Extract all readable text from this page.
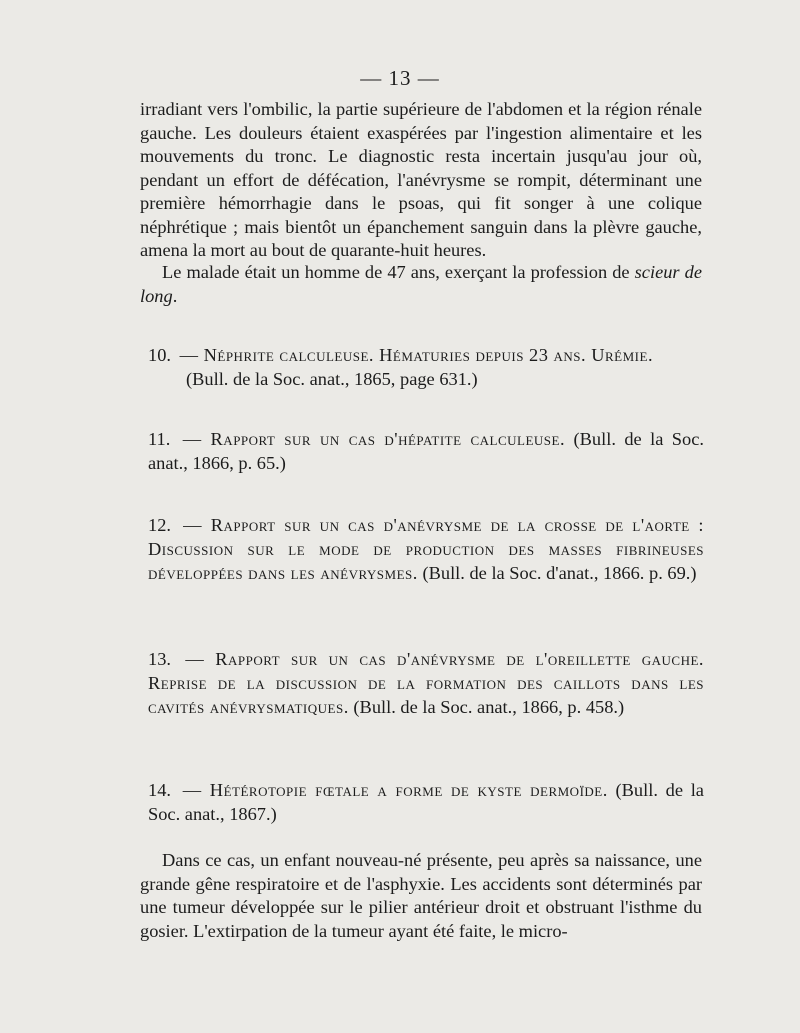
— 13 —

irradiant vers l'ombilic, la partie supérieure de l'abdomen et la région rénale gauche. Les douleurs étaient exaspérées par l'ingestion alimentaire et les mouvements du tronc. Le diagnostic resta incertain jusqu'au jour où, pendant un effort de défécation, l'anévrysme se rompit, déterminant une première hémorrhagie dans le psoas, qui fit songer à une colique néphrétique ; mais bientôt un épanchement sanguin dans la plèvre gauche, amena la mort au bout de quarante-huit heures.

Le malade était un homme de 47 ans, exerçant la profession de scieur de long.

10. — Néphrite calculeuse. Hématuries depuis 23 ans. Urémie.
(Bull. de la Soc. anat., 1865, page 631.)

11. — Rapport sur un cas d'hépatite calculeuse. (Bull. de la Soc. anat., 1866, p. 65.)

12. — Rapport sur un cas d'anévrysme de la crosse de l'aorte : Discussion sur le mode de production des masses fibrineuses développées dans les anévrysmes. (Bull. de la Soc. d'anat., 1866. p. 69.)

13. — Rapport sur un cas d'anévrysme de l'oreillette gauche. Reprise de la discussion de la formation des caillots dans les cavités anévrysmatiques. (Bull. de la Soc. anat., 1866, p. 458.)

14. — Hétérotopie fœtale a forme de kyste dermoïde. (Bull. de la Soc. anat., 1867.)

Dans ce cas, un enfant nouveau-né présente, peu après sa naissance, une grande gêne respiratoire et de l'asphyxie. Les accidents sont déterminés par une tumeur développée sur le pilier antérieur droit et obstruant l'isthme du gosier. L'extirpation de la tumeur ayant été faite, le micro-
